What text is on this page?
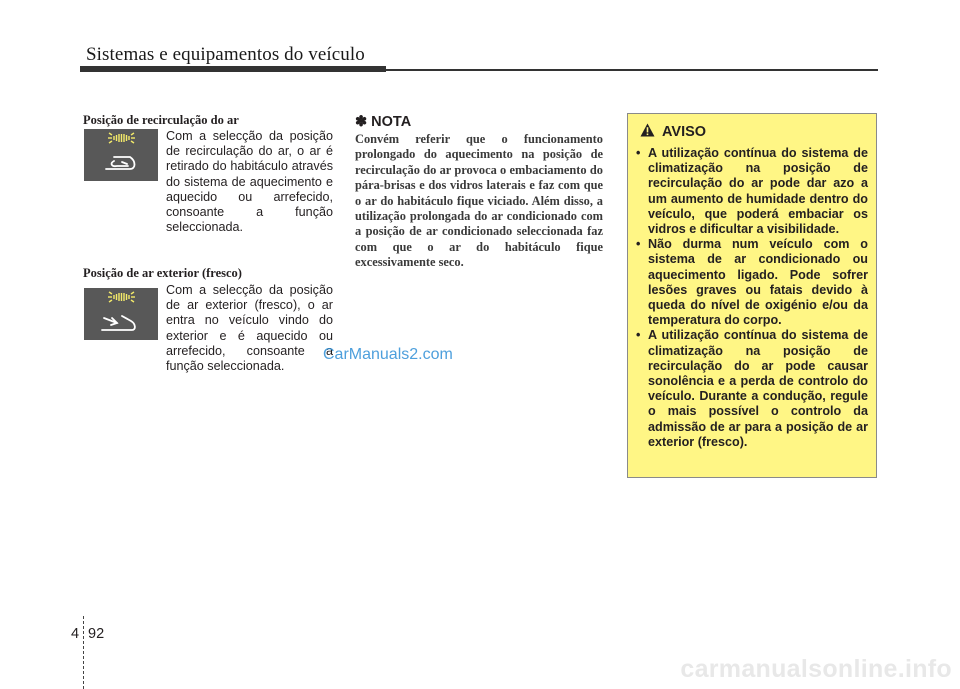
Sistemas e equipamentos do veículo
Posição de recirculação do ar
Com a selecção da posição de recirculação do ar, o ar é retirado do habitáculo através do sistema de aquecimento e aquecido ou arrefecido, consoante a função seleccionada.
Posição de ar exterior (fresco)
Com a selecção da posição de ar exterior (fresco), o ar entra no veículo vindo do exterior e é aquecido ou arrefecido, consoante a função seleccionada.
✽ NOTA
Convém referir que o funcionamento prolongado do aquecimento na posição de recirculação do ar provoca o embaciamento do pára-brisas e dos vidros laterais e faz com que o ar do habitáculo fique viciado. Além disso, a utilização prolongada do ar condicionado com a posição de ar condicionado seleccionada faz com que o ar do habitáculo fique excessivamente seco.
AVISO
• A utilização contínua do sistema de climatização na posição de recirculação do ar pode dar azo a um aumento de humidade dentro do veículo, que poderá embaciar os vidros e dificultar a visibilidade.
• Não durma num veículo com o sistema de ar condicionado ou aquecimento ligado. Pode sofrer lesões graves ou fatais devido à queda do nível de oxigénio e/ou da temperatura do corpo.
• A utilização contínua do sistema de climatização na posição de recirculação do ar pode causar sonolência e a perda de controlo do veículo. Durante a condução, regule o mais possível o controlo da admissão de ar para a posição de ar exterior (fresco).
CarManuals2.com
4 92
carmanualsonline.info
